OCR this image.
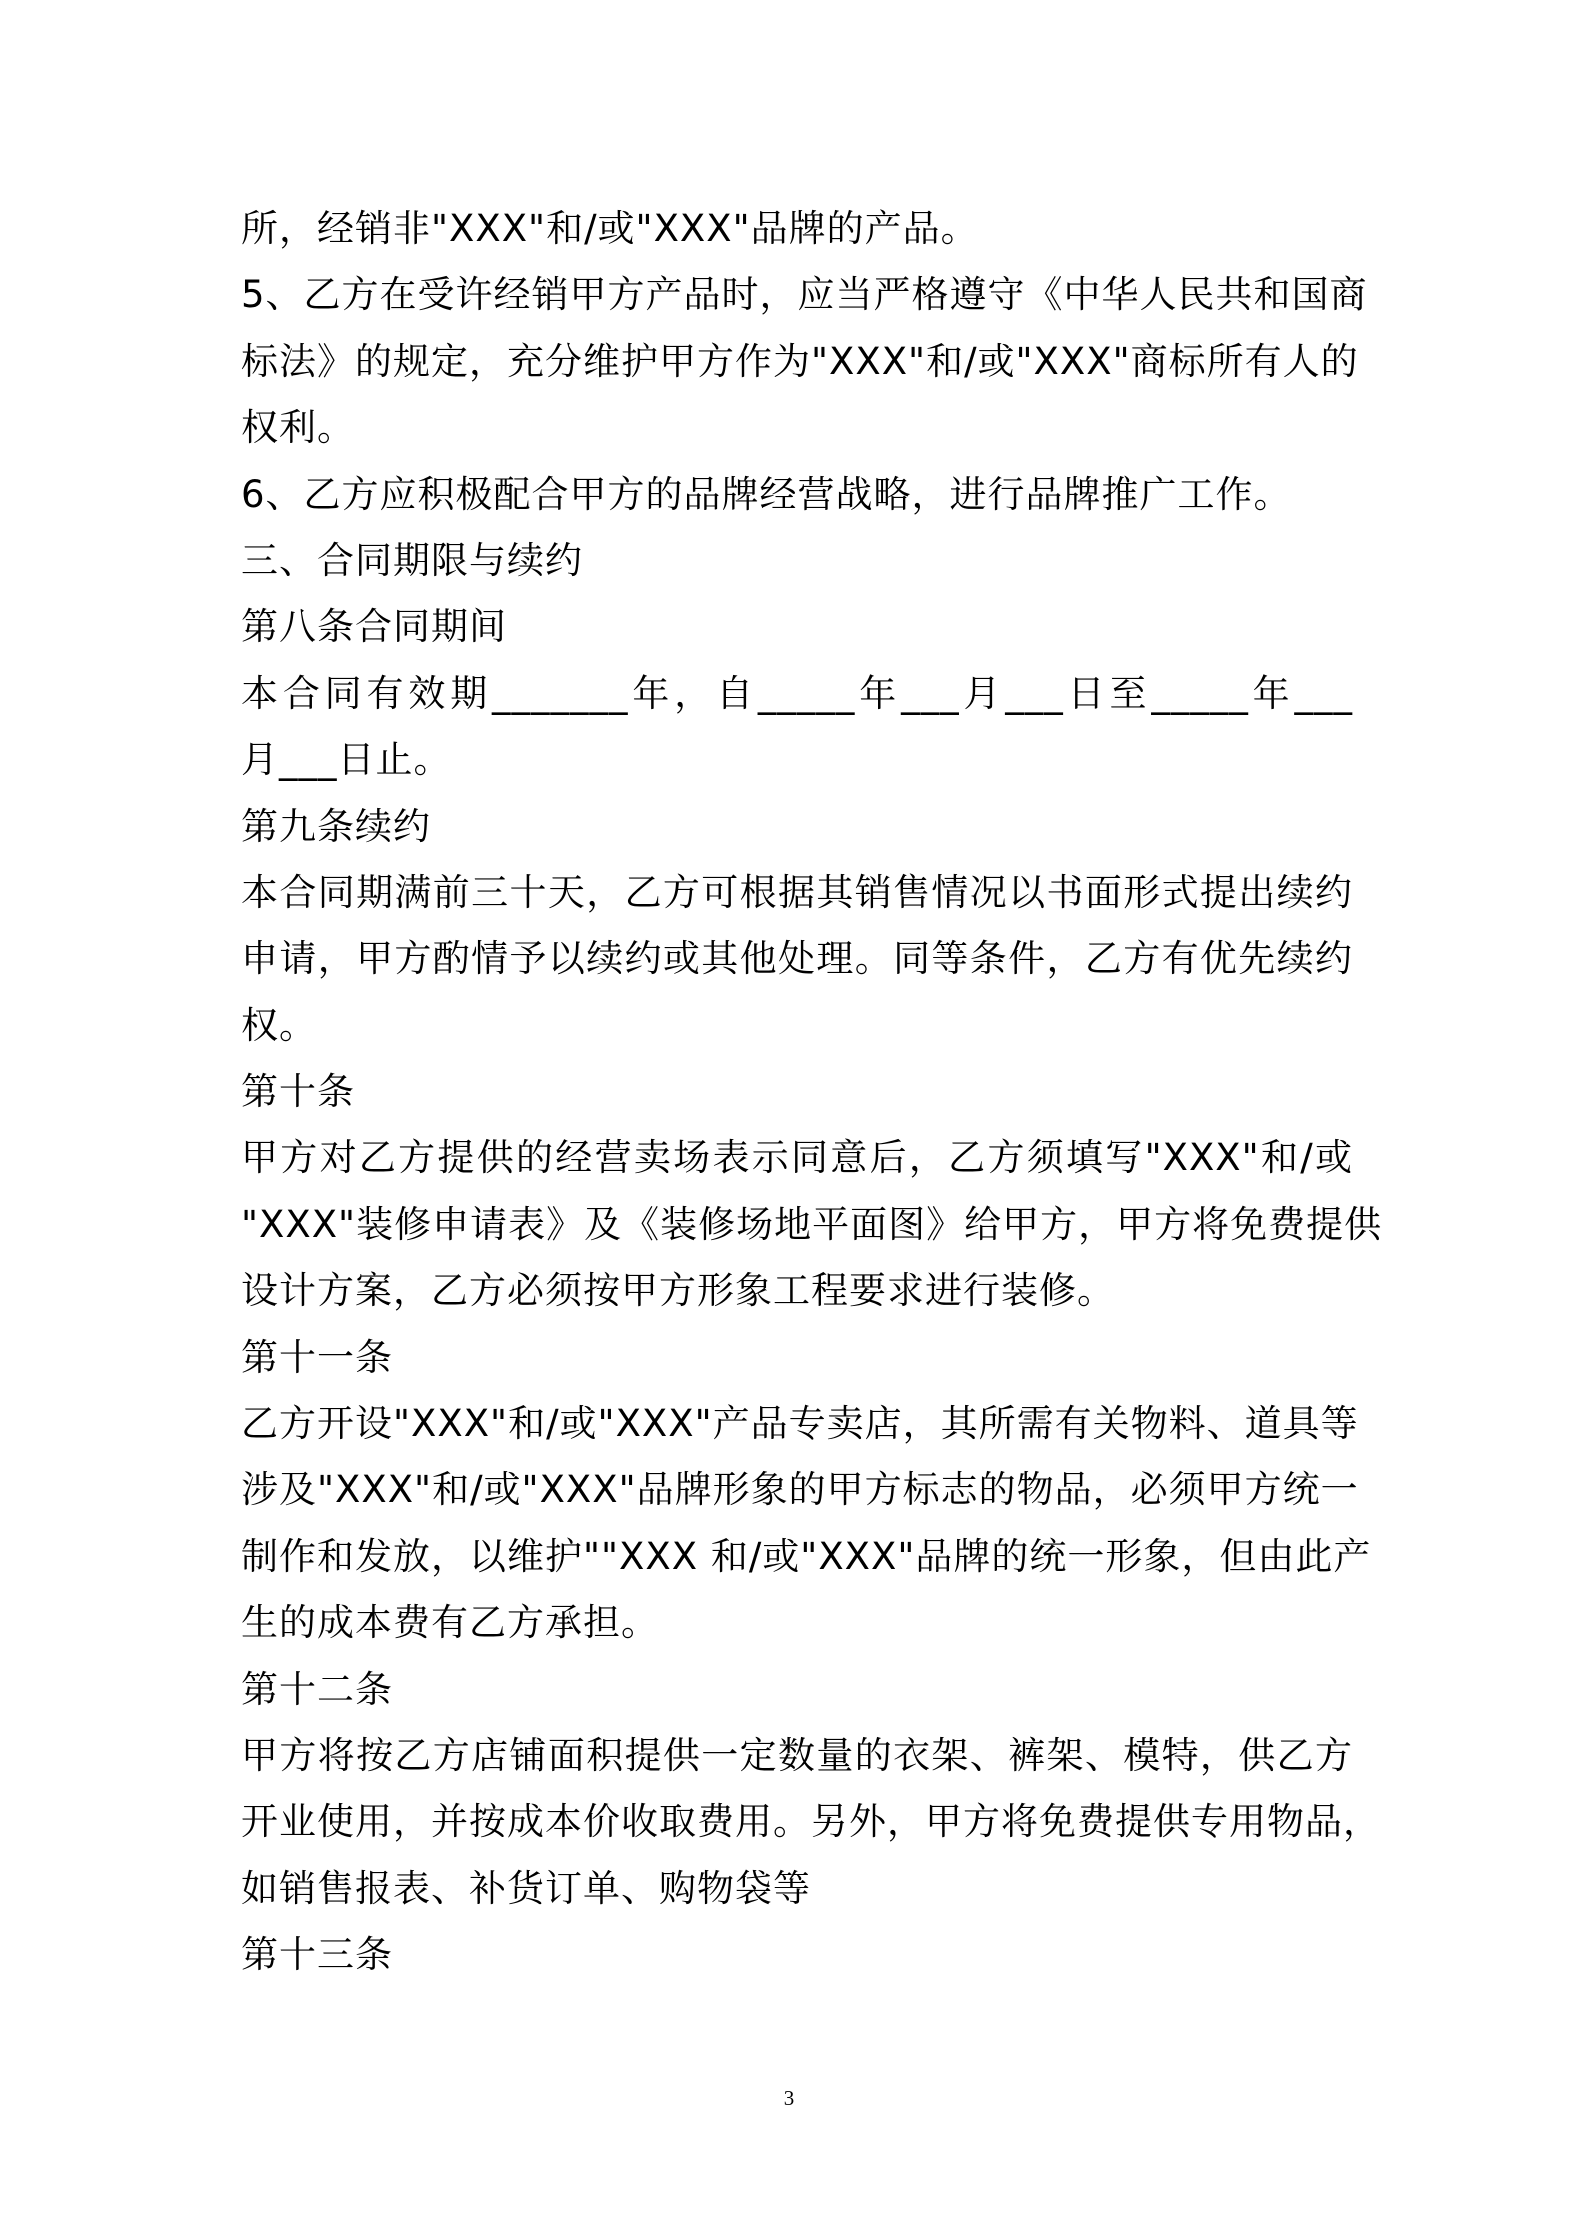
所，经销非"XXX"和/或"XXX"品牌的产品。
5、乙方在受许经销甲方产品时，应当严格遵守《中华人民共和国商
标法》的规定，充分维护甲方作为"XXX"和/或"XXX"商标所有人的
权利。
6、乙方应积极配合甲方的品牌经营战略，进行品牌推广工作。
三、合同期限与续约
第八条合同期间
本合同有效期_______年，自_____年___月___日至_____年___
月___日止。
第九条续约
本合同期满前三十天，乙方可根据其销售情况以书面形式提出续约
申请，甲方酌情予以续约或其他处理。同等条件，乙方有优先续约
权。
第十条
甲方对乙方提供的经营卖场表示同意后，乙方须填写"XXX"和/或
"XXX"装修申请表》及《装修场地平面图》给甲方，甲方将免费提供
设计方案，乙方必须按甲方形象工程要求进行装修。
第十一条
乙方开设"XXX"和/或"XXX"产品专卖店，其所需有关物料、道具等
涉及"XXX"和/或"XXX"品牌形象的甲方标志的物品，必须甲方统一
制作和发放，以维护""XXX 和/或"XXX"品牌的统一形象，但由此产
生的成本费有乙方承担。
第十二条
甲方将按乙方店铺面积提供一定数量的衣架、裤架、模特，供乙方
开业使用，并按成本价收取费用。另外，甲方将免费提供专用物品，
如销售报表、补货订单、购物袋等
第十三条
3
